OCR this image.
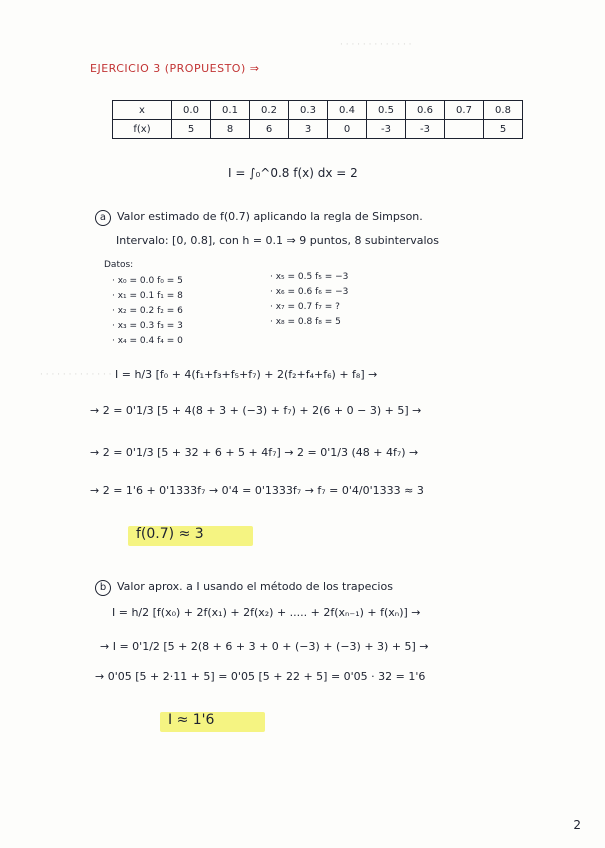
· · · · · · · · · · · · ·
· · · · · · · · · · · · ·
EJERCICIO 3 (PROPUESTO) ⇒
x	0.0	0.1	0.2	0.3	0.4	0.5	0.6	0.7	0.8
f(x)	5	8	6	3	0	-3	-3		5
I = ∫₀^0.8 f(x) dx = 2
a Valor estimado de f(0.7) aplicando la regla de Simpson.
Intervalo: [0, 0.8], con h = 0.1 ⇒ 9 puntos, 8 subintervalos
Datos:
· x₀ = 0.0 f₀ = 5
· x₁ = 0.1 f₁ = 8
· x₂ = 0.2 f₂ = 6
· x₃ = 0.3 f₃ = 3
· x₄ = 0.4 f₄ = 0
· x₅ = 0.5 f₅ = −3
· x₆ = 0.6 f₆ = −3
· x₇ = 0.7 f₇ = ?
· x₈ = 0.8 f₈ = 5
I = h/3 [f₀ + 4(f₁+f₃+f₅+f₇) + 2(f₂+f₄+f₆) + f₈] →
→ 2 = 0'1/3 [5 + 4(8 + 3 + (−3) + f₇) + 2(6 + 0 − 3) + 5] →
→ 2 = 0'1/3 [5 + 32 + 6 + 5 + 4f₇] → 2 = 0'1/3 (48 + 4f₇) →
→ 2 = 1'6 + 0'1333f₇ → 0'4 = 0'1333f₇ → f₇ = 0'4/0'1333 ≈ 3
f(0.7) ≈ 3
b Valor aprox. a I usando el método de los trapecios
I = h/2 [f(x₀) + 2f(x₁) + 2f(x₂) + ..... + 2f(xₙ₋₁) + f(xₙ)] →
→ I = 0'1/2 [5 + 2(8 + 6 + 3 + 0 + (−3) + (−3) + 3) + 5] →
→ 0'05 [5 + 2·11 + 5] = 0'05 [5 + 22 + 5] = 0'05 · 32 = 1'6
I ≈ 1'6
2
